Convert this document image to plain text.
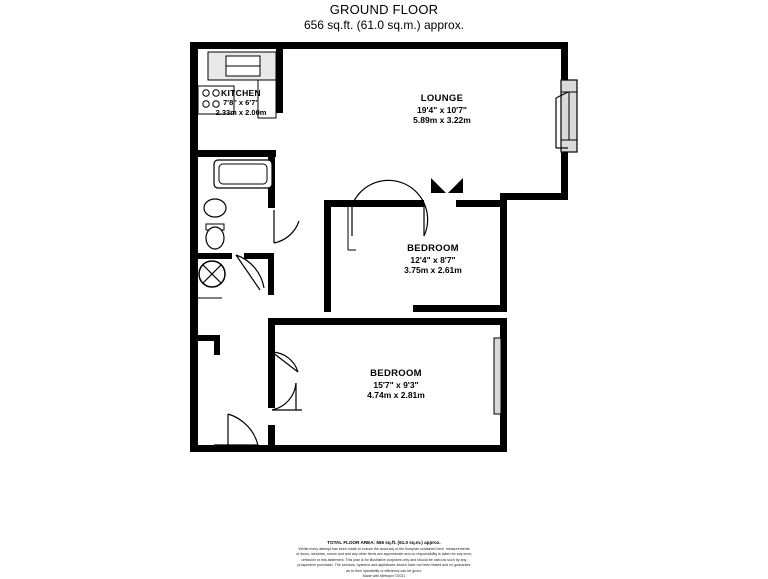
GROUND FLOOR
656 sq.ft. (61.0 sq.m.) approx.
KITCHEN
7'8" x 6'7"
2.33m x 2.00m
LOUNGE
19'4" x 10'7"
5.89m x 3.22m
BEDROOM
12'4" x 8'7"
3.75m x 2.61m
BEDROOM
15'7" x 9'3"
4.74m x 2.81m
TOTAL FLOOR AREA: 656 sq.ft. (61.0 sq.m.) approx.
Whilst every attempt has been made to ensure the accuracy of the floorplan contained here, measurements
of doors, windows, rooms and and any other items are approximate and no responsibility is taken for any error,
omission or mis-statement. This plan is for illustrative purposes only and should be used as such by any
prospective purchaser. The services, systems and appliances shown have not been tested and no guarantee
as to their operability or efficiency can be given.
Made with Metropix ©2021
